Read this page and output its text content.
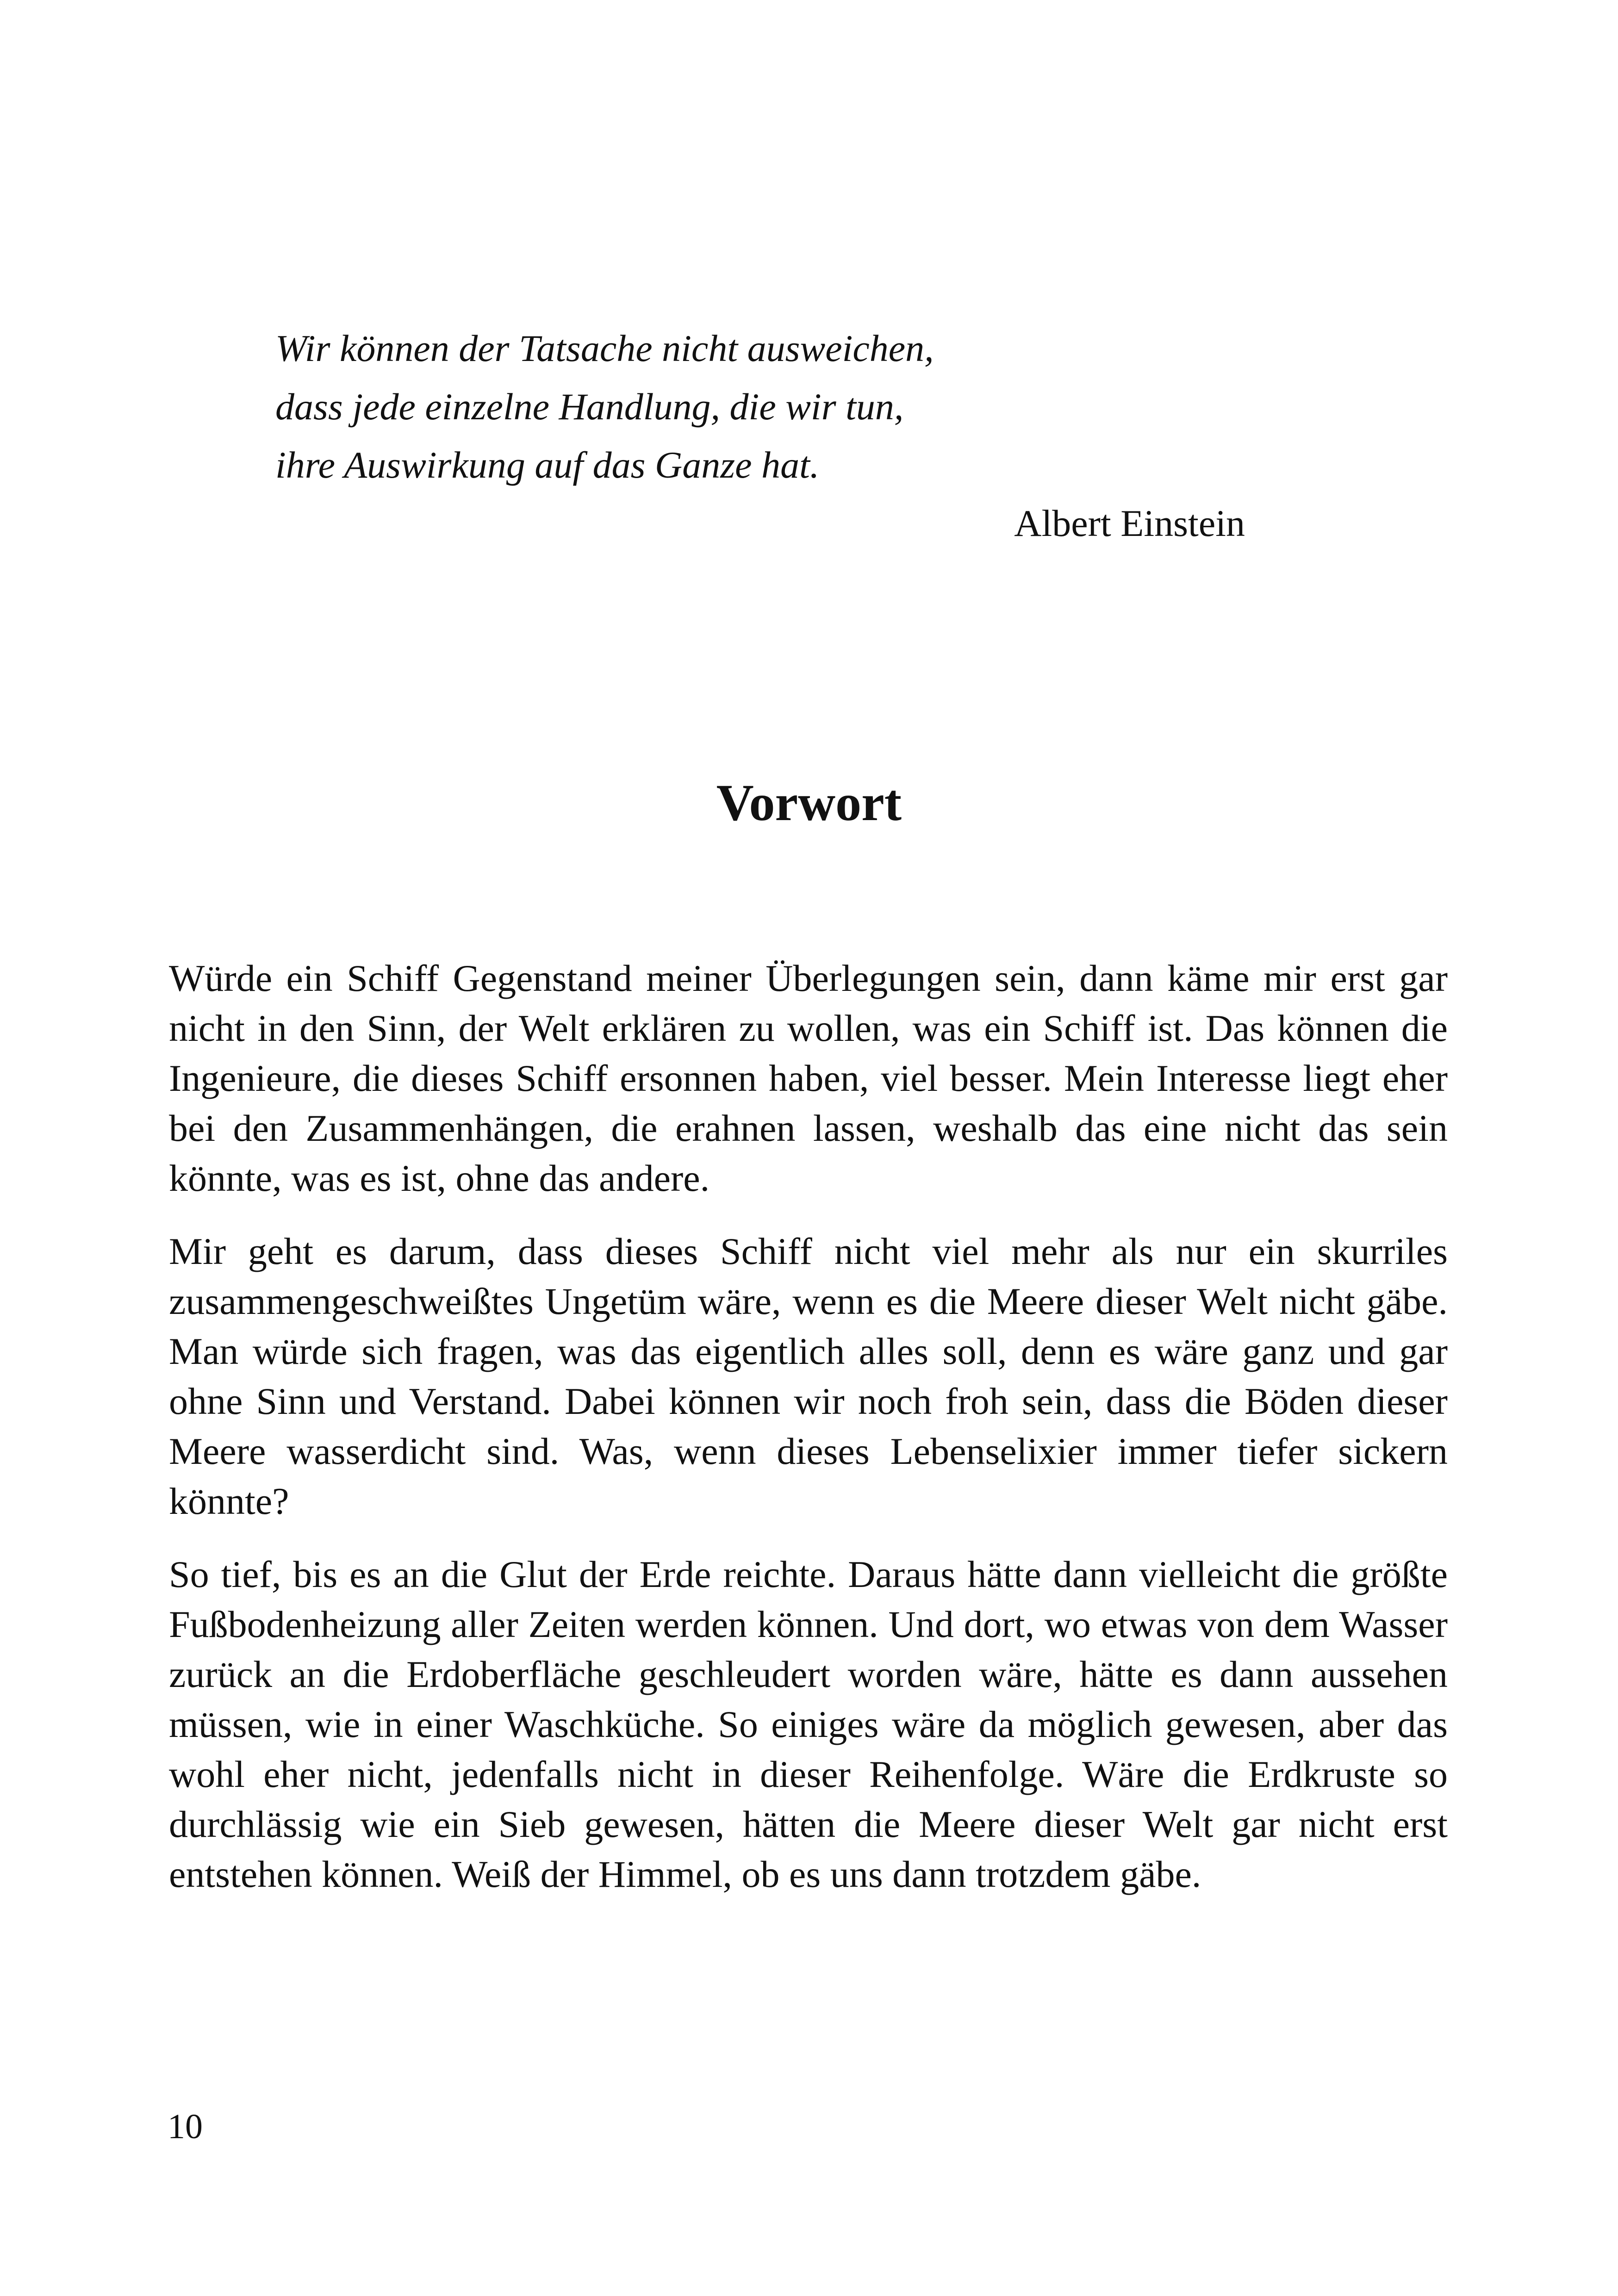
Wir können der Tatsache nicht ausweichen,
dass jede einzelne Handlung, die wir tun,
ihre Auswirkung auf das Ganze hat.
Albert Einstein
Vorwort

Würde ein Schiff Gegenstand meiner Überlegungen sein, dann käme mir erst gar nicht in den Sinn, der Welt erklären zu wollen, was ein Schiff ist. Das können die Ingenieure, die dieses Schiff ersonnen haben, viel besser. Mein Interesse liegt eher bei den Zusammenhängen, die erahnen lassen, weshalb das eine nicht das sein könnte, was es ist, ohne das andere.

Mir geht es darum, dass dieses Schiff nicht viel mehr als nur ein skurriles zusammengeschweißtes Ungetüm wäre, wenn es die Meere dieser Welt nicht gäbe. Man würde sich fragen, was das eigentlich alles soll, denn es wäre ganz und gar ohne Sinn und Verstand. Dabei können wir noch froh sein, dass die Böden dieser Meere wasserdicht sind. Was, wenn dieses Lebenselixier immer tiefer sickern könnte?

So tief, bis es an die Glut der Erde reichte. Daraus hätte dann vielleicht die größte Fußbodenheizung aller Zeiten werden können. Und dort, wo etwas von dem Wasser zurück an die Erdoberfläche geschleudert worden wäre, hätte es dann aussehen müssen, wie in einer Waschküche. So einiges wäre da möglich gewesen, aber das wohl eher nicht, jedenfalls nicht in dieser Reihenfolge. Wäre die Erdkruste so durchlässig wie ein Sieb gewesen, hätten die Meere dieser Welt gar nicht erst entstehen können. Weiß der Himmel, ob es uns dann trotzdem gäbe.

10
